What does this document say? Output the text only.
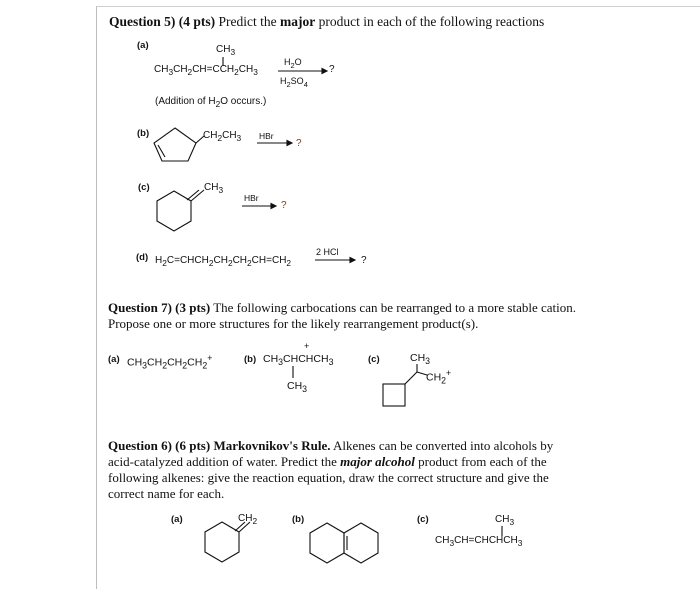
Question 5) (4 pts) Predict the major product in each of the following reactions
(a)	$CH_3$
$CH_3CH_2CH=CCH_2CH_3$
$H_2O$
$H_2SO_4$
?
(Addition of $H_2O$ occurs.)
(b)	$CH_2CH_3$ HBr
?
(c)	$CH_3$
HBr
?
(d) $H_2C=CHCH_2CH_2CH_2CH=CH_2$
2 HCl
?
Question 7) (3 pts) The following carbocations can be rearranged to a more stable cation. Propose one or more structures for the likely rearrangement product(s).
(a) $CH_3CH_2CH_2CH_2^+$	(b)
+
$CH_3CHCHCH_3$
$CH_3$
(c)	$CH_3$
$CH_2^+$
Question 6) (6 pts) Markovnikov's Rule. Alkenes can be converted into alcohols by acid-catalyzed addition of water. Predict the major alcohol product from each of the following alkenes: give the reaction equation, draw the correct structure and give the correct name for each.
(a)	$CH_2$	(b)	(c)	$CH_3$
$CH_3CH=CHCHCH_3$
